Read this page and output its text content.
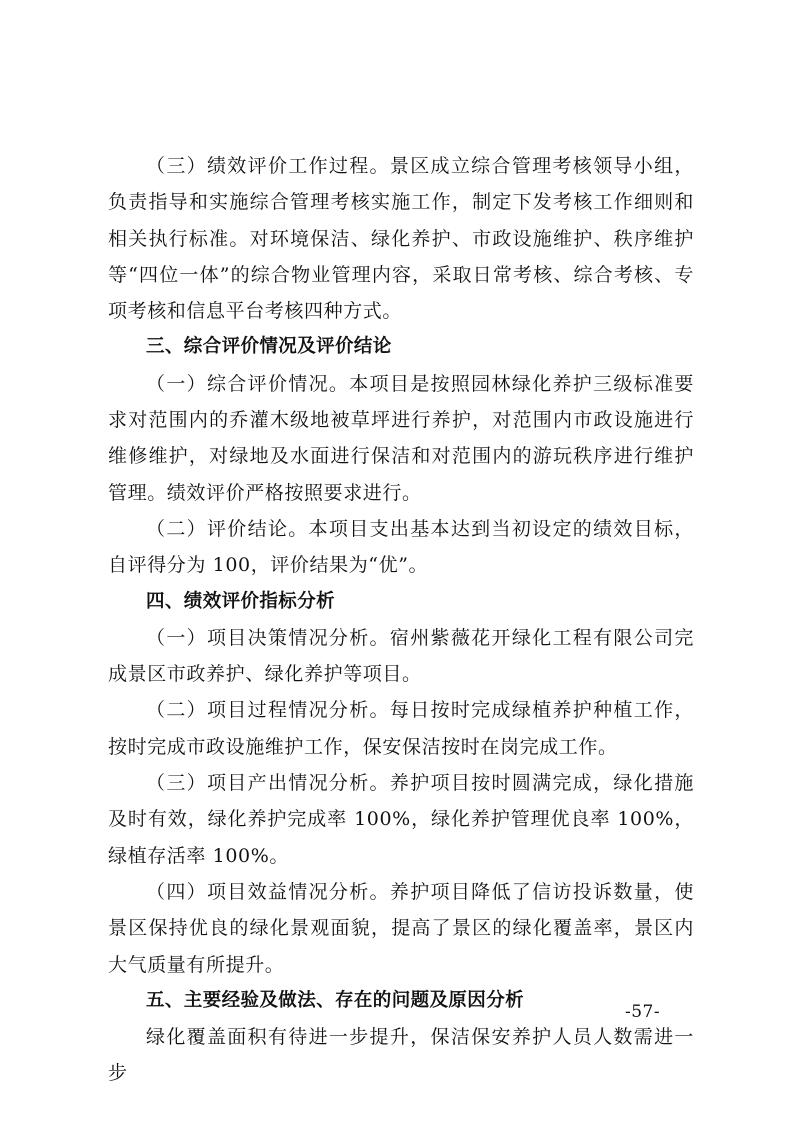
（三）绩效评价工作过程。景区成立综合管理考核领导小组，负责指导和实施综合管理考核实施工作，制定下发考核工作细则和相关执行标准。对环境保洁、绿化养护、市政设施维护、秩序维护等“四位一体”的综合物业管理内容，采取日常考核、综合考核、专项考核和信息平台考核四种方式。

三、综合评价情况及评价结论

（一）综合评价情况。本项目是按照园林绿化养护三级标准要求对范围内的乔灌木级地被草坪进行养护，对范围内市政设施进行维修维护，对绿地及水面进行保洁和对范围内的游玩秩序进行维护管理。绩效评价严格按照要求进行。

（二）评价结论。本项目支出基本达到当初设定的绩效目标，自评得分为 100，评价结果为“优”。

四、绩效评价指标分析

（一）项目决策情况分析。宿州紫薇花开绿化工程有限公司完成景区市政养护、绿化养护等项目。

（二）项目过程情况分析。每日按时完成绿植养护种植工作，按时完成市政设施维护工作，保安保洁按时在岗完成工作。

（三）项目产出情况分析。养护项目按时圆满完成，绿化措施及时有效，绿化养护完成率 100%，绿化养护管理优良率 100%，绿植存活率 100%。

（四）项目效益情况分析。养护项目降低了信访投诉数量，使景区保持优良的绿化景观面貌，提高了景区的绿化覆盖率，景区内大气质量有所提升。

五、主要经验及做法、存在的问题及原因分析

绿化覆盖面积有待进一步提升，保洁保安养护人员人数需进一步

-57-
